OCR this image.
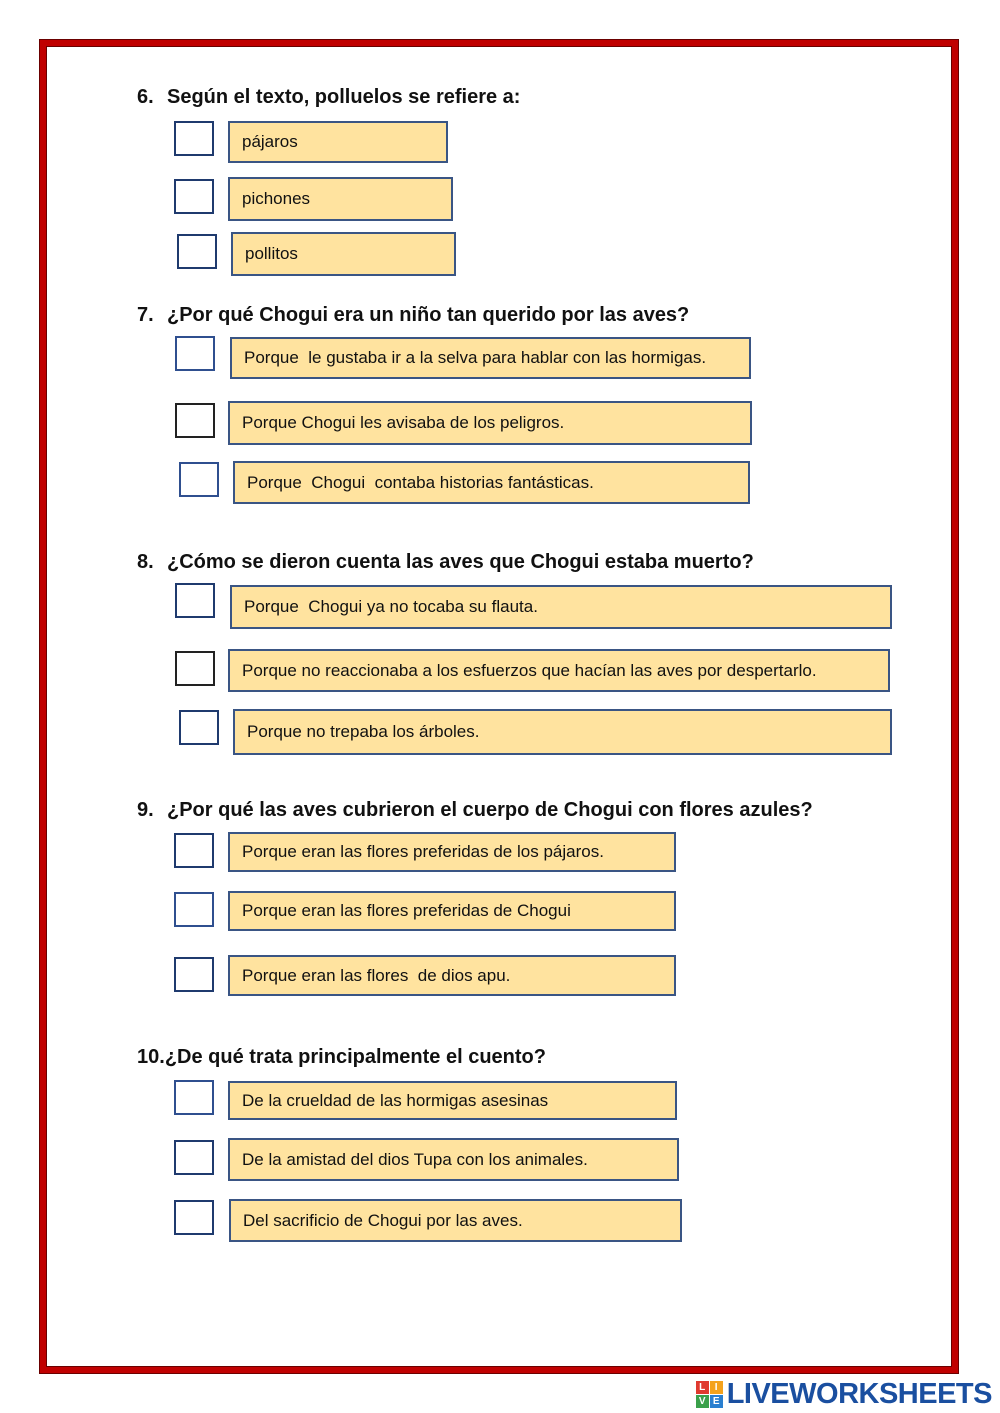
6. Según el texto, polluelos se refiere a:
pájaros
pichones
pollitos
7. ¿Por qué Chogui era un niño tan querido por las aves?
Porque  le gustaba ir a la selva para hablar con las hormigas.
Porque Chogui les avisaba de los peligros.
Porque  Chogui  contaba historias fantásticas.
8. ¿Cómo se dieron cuenta las aves que Chogui estaba muerto?
Porque  Chogui ya no tocaba su flauta.
Porque no reaccionaba a los esfuerzos que hacían las aves por despertarlo.
Porque no trepaba los árboles.
9. ¿Por qué las aves cubrieron el cuerpo de Chogui con flores azules?
Porque eran las flores preferidas de los pájaros.
Porque eran las flores preferidas de Chogui
Porque eran las flores  de dios apu.
10.¿De qué trata principalmente el cuento?
De la crueldad de las hormigas asesinas
De la amistad del dios Tupa con los animales.
Del sacrificio de Chogui por las aves.
L I
V E LIVEWORKSHEETS
